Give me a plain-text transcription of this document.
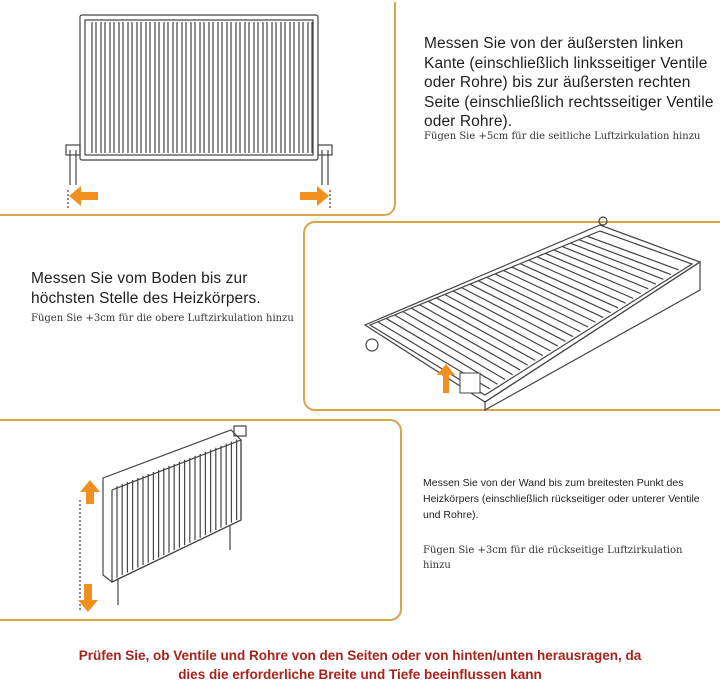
Messen Sie von der äußersten linken Kante (einschließlich linksseitiger Ventile oder Rohre) bis zur äußersten rechten Seite (einschließlich rechtsseitiger Ventile oder Rohre).
Fügen Sie +5cm für die seitliche Luftzirkulation hinzu
Messen Sie vom Boden bis zur höchsten Stelle des Heizkörpers.
Fügen Sie +3cm für die obere Luftzirkulation hinzu
Messen Sie von der Wand bis zum breitesten Punkt des Heizkörpers (einschließlich rückseitiger oder unterer Ventile und Rohre).
Fügen Sie +3cm für die rückseitige Luftzirkulation hinzu
Prüfen Sie, ob Ventile und Rohre von den Seiten oder von hinten/unten herausragen, da
dies die erforderliche Breite und Tiefe beeinflussen kann
